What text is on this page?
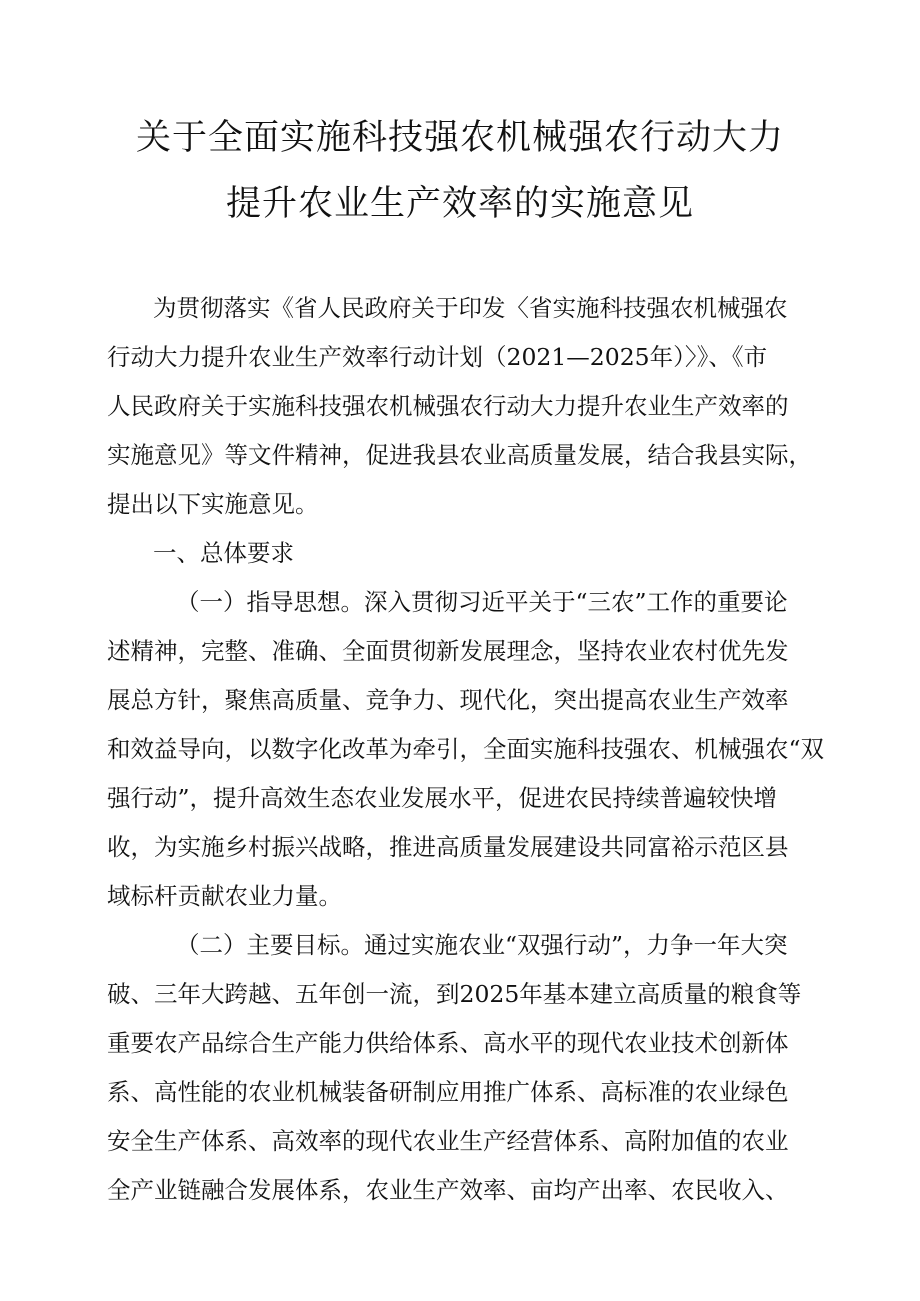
关于全面实施科技强农机械强农行动大力
提升农业生产效率的实施意见
为贯彻落实《省人民政府关于印发〈省实施科技强农机械强农
行动大力提升农业生产效率行动计划（2021—2025年）〉》、《市
人民政府关于实施科技强农机械强农行动大力提升农业生产效率的
实施意见》等文件精神，促进我县农业高质量发展，结合我县实际，
提出以下实施意见。
一、总体要求
（一）指导思想。深入贯彻习近平关于“三农”工作的重要论
述精神，完整、准确、全面贯彻新发展理念，坚持农业农村优先发
展总方针，聚焦高质量、竞争力、现代化，突出提高农业生产效率
和效益导向，以数字化改革为牵引，全面实施科技强农、机械强农“双
强行动”，提升高效生态农业发展水平，促进农民持续普遍较快增
收，为实施乡村振兴战略，推进高质量发展建设共同富裕示范区县
域标杆贡献农业力量。
（二）主要目标。通过实施农业“双强行动”，力争一年大突
破、三年大跨越、五年创一流，到2025年基本建立高质量的粮食等
重要农产品综合生产能力供给体系、高水平的现代农业技术创新体
系、高性能的农业机械装备研制应用推广体系、高标准的农业绿色
安全生产体系、高效率的现代农业生产经营体系、高附加值的农业
全产业链融合发展体系，农业生产效率、亩均产出率、农民收入、
